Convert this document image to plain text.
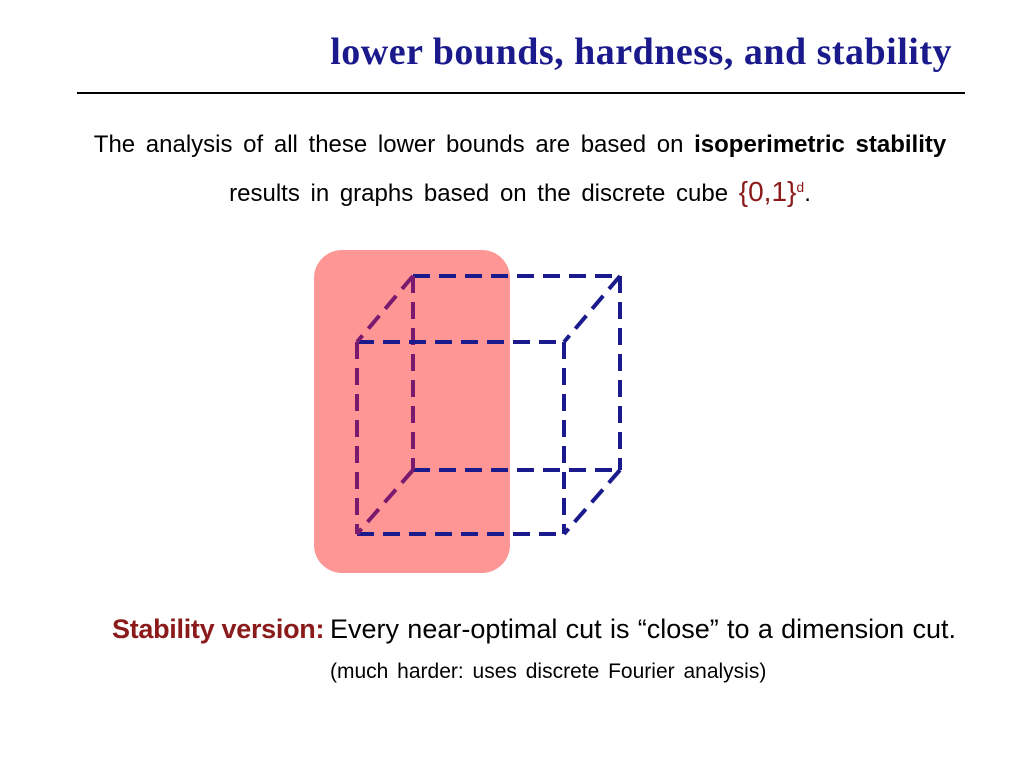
lower bounds, hardness, and stability
The analysis of all these lower bounds are based on isoperimetric stability
results in graphs based on the discrete cube $\{0,1\}^d$.
Stability version: Every near-optimal cut is “close” to a dimension cut.
(much harder: uses discrete Fourier analysis)
